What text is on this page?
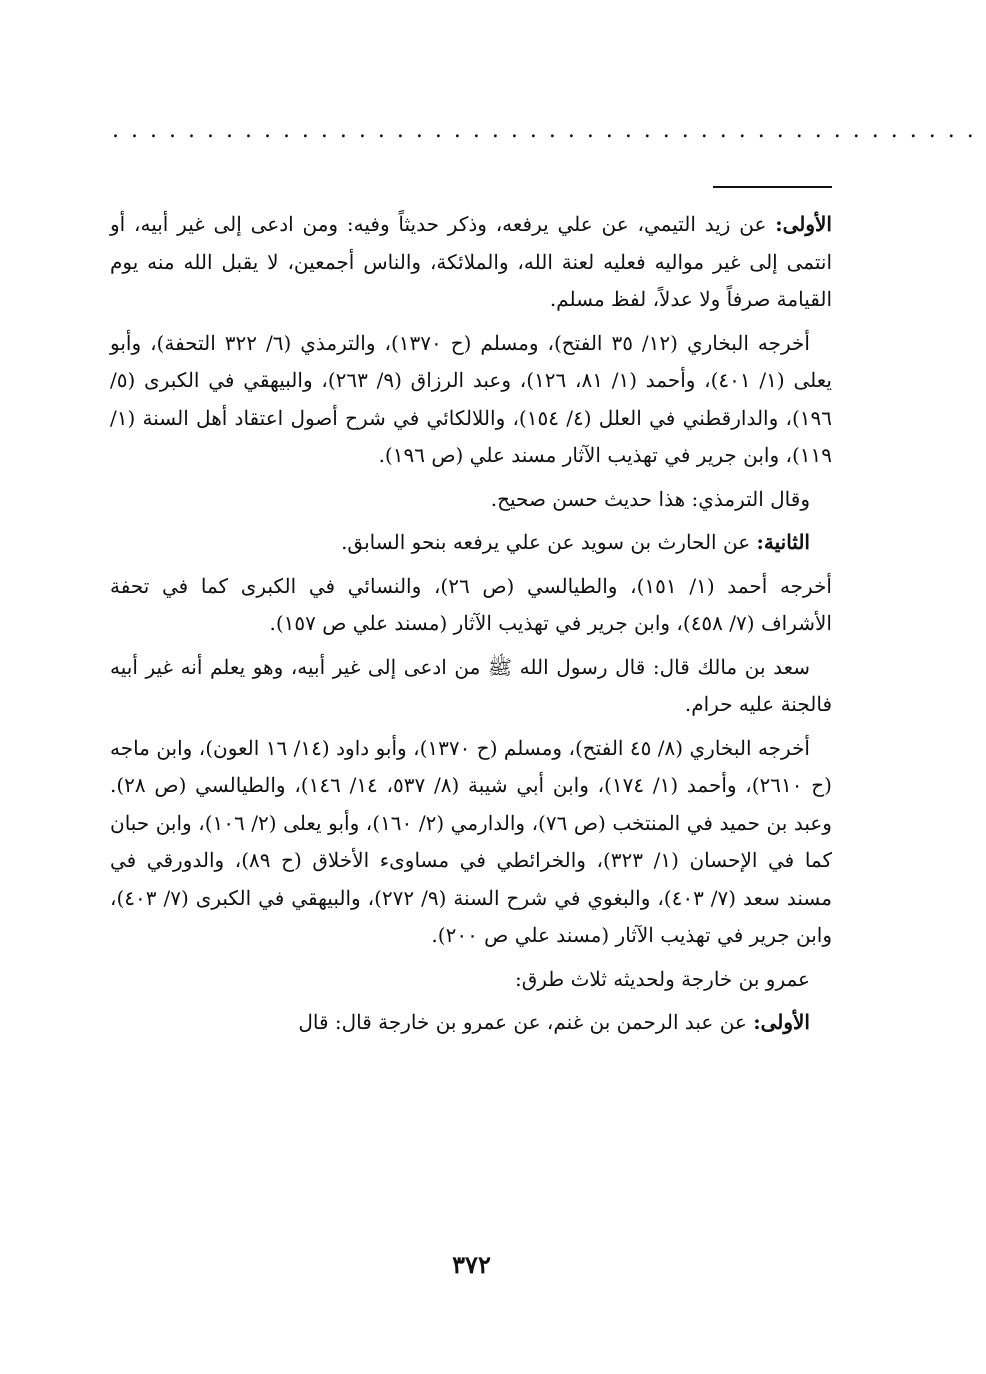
..............................................

الأولى: عن زيد التيمي، عن علي يرفعه، وذكر حديثاً وفيه: ومن ادعى إلى غير أبيه، أو انتمى إلى غير مواليه فعليه لعنة الله، والملائكة، والناس أجمعين، لا يقبل الله منه يوم القيامة صرفاً ولا عدلاً، لفظ مسلم.

أخرجه البخاري (١٢/ ٣٥ الفتح)، ومسلم (ح ١٣٧٠)، والترمذي (٦/ ٣٢٢ التحفة)، وأبو يعلى (١/ ٤٠١)، وأحمد (١/ ٨١، ١٢٦)، وعبد الرزاق (٩/ ٢٦٣)، والبيهقي في الكبرى (٥/ ١٩٦)، والدارقطني في العلل (٤/ ١٥٤)، واللالكائي في شرح أصول اعتقاد أهل السنة (١/ ١١٩)، وابن جرير في تهذيب الآثار مسند علي (ص ١٩٦).

وقال الترمذي: هذا حديث حسن صحيح.

الثانية: عن الحارث بن سويد عن علي يرفعه بنحو السابق.

أخرجه أحمد (١/ ١٥١)، والطيالسي (ص ٢٦)، والنسائي في الكبرى كما في تحفة الأشراف (٧/ ٤٥٨)، وابن جرير في تهذيب الآثار (مسند علي ص ١٥٧).

سعد بن مالك قال: قال رسول الله ﷺ من ادعى إلى غير أبيه، وهو يعلم أنه غير أبيه فالجنة عليه حرام.

أخرجه البخاري (٨/ ٤٥ الفتح)، ومسلم (ح ١٣٧٠)، وأبو داود (١٤/ ١٦ العون)، وابن ماجه (ح ٢٦١٠)، وأحمد (١/ ١٧٤)، وابن أبي شيبة (٨/ ٥٣٧، ١٤/ ١٤٦)، والطيالسي (ص ٢٨). وعبد بن حميد في المنتخب (ص ٧٦)، والدارمي (٢/ ١٦٠)، وأبو يعلى (٢/ ١٠٦)، وابن حبان كما في الإحسان (١/ ٣٢٣)، والخرائطي في مساوىء الأخلاق (ح ٨٩)، والدورقي في مسند سعد (٧/ ٤٠٣)، والبغوي في شرح السنة (٩/ ٢٧٢)، والبيهقي في الكبرى (٧/ ٤٠٣)، وابن جرير في تهذيب الآثار (مسند علي ص ٢٠٠).

عمرو بن خارجة ولحديثه ثلاث طرق:

الأولى: عن عبد الرحمن بن غنم، عن عمرو بن خارجة قال: قال

٣٧٢
